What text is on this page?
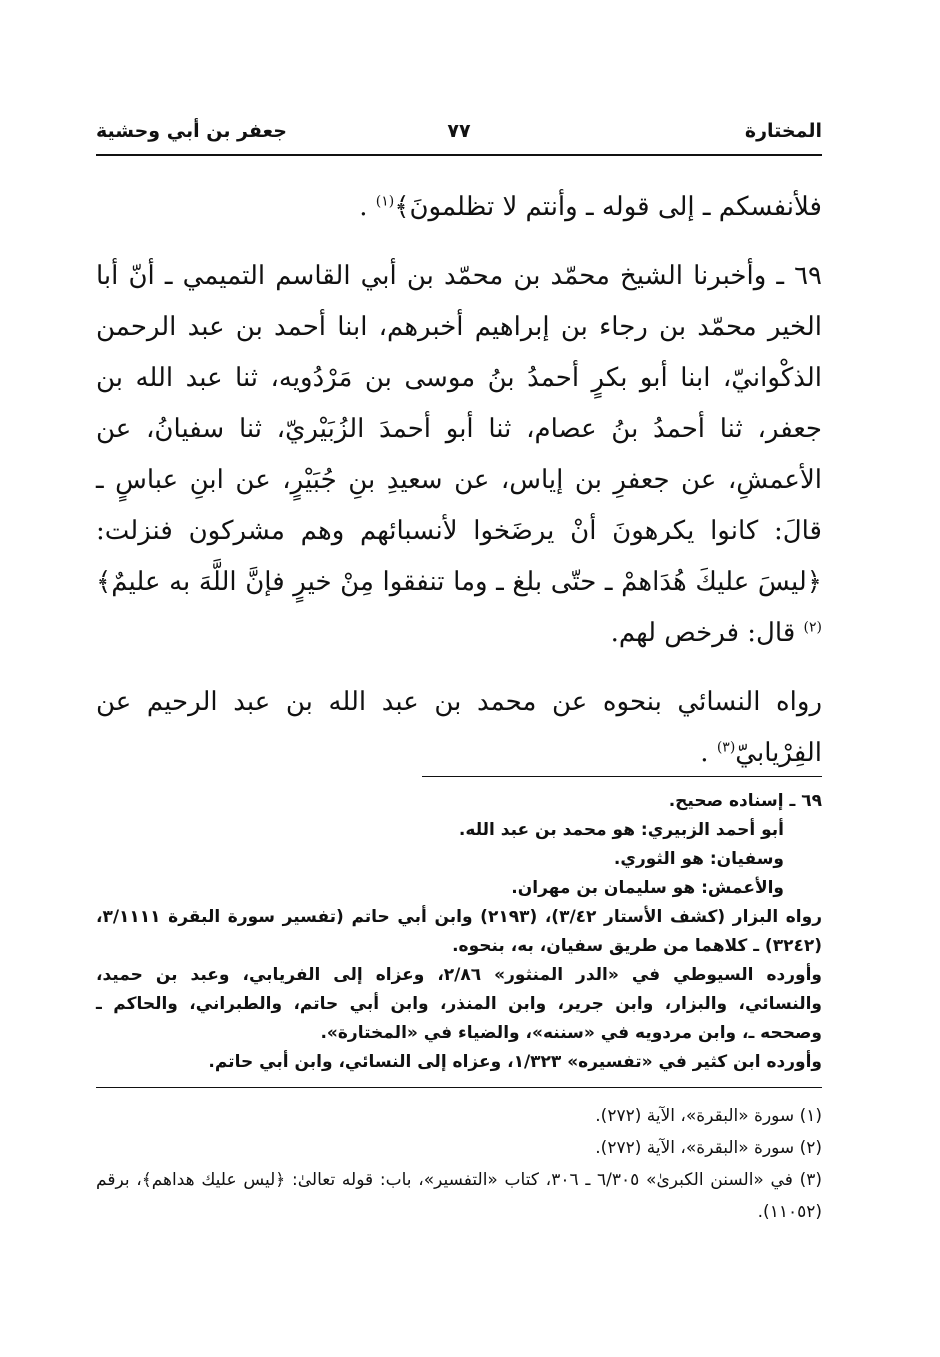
المختارة
٧٧
جعفر بن أبي وحشية

فلأنفسكم ـ إلى قوله ـ وأنتم لا تظلمونَ﴾$^{(١)}$ .

٦٩ ـ وأخبرنا الشيخ محمّد بن محمّد بن أبي القاسم التميمي ـ أنّ أبا الخير محمّد بن رجاء بن إبراهيم أخبرهم، ابنا أحمد بن عبد الرحمن الذكْوانيّ، ابنا أبو بكرٍ أحمدُ بنُ موسى بن مَرْدُويه، ثنا عبد الله بن جعفر، ثنا أحمدُ بنُ عصام، ثنا أبو أحمدَ الزُبَيْريّ، ثنا سفيانُ، عن الأعمشِ، عن جعفرِ بن إياس، عن سعيدِ بنِ جُبَيْرٍ، عن ابنِ عباسٍ ـ قالَ: كانوا يكرهونَ أنْ يرضَخوا لأنسبائهم وهم مشركون فنزلت: ﴿ليسَ عليكَ هُدَاهمْ ـ حتّى بلغ ـ وما تنفقوا مِنْ خيرٍ فإنَّ اللَّهَ به عليمٌ﴾$^{(٢)}$ قال: فرخص لهم.

رواه النسائي بنحوه عن محمد بن عبد الله بن عبد الرحيم عن الفِرْيابيّ$^{(٣)}$ .

٦٩ ـ إسناده صحيح.

أبو أحمد الزبيري: هو محمد بن عبد الله.

وسفيان: هو الثوري.

والأعمش: هو سليمان بن مهران.

رواه البزار (كشف الأستار ٣/٤٢)، (٢١٩٣) وابن أبي حاتم (تفسير سورة البقرة ٣/١١١١، (٣٢٤٢) ـ كلاهما من طريق سفيان، به، بنحوه.

وأورده السيوطي في «الدر المنثور» ٢/٨٦، وعزاه إلى الفريابي، وعبد بن حميد، والنسائي، والبزار، وابن جرير، وابن المنذر، وابن أبي حاتم، والطبراني، والحاكم ـ وصححه ـ، وابن مردويه في «سننه»، والضياء في «المختارة».

وأورده ابن كثير في «تفسيره» ١/٣٢٣، وعزاه إلى النسائي، وابن أبي حاتم.

(١) سورة «البقرة»، الآية (٢٧٢).

(٢) سورة «البقرة»، الآية (٢٧٢).

(٣) في «السنن الكبرىٰ» ٦/٣٠٥ ـ ٣٠٦، كتاب «التفسير»، باب: قوله تعالىٰ: ﴿ليس عليك هداهم﴾، برقم (١١٠٥٢).
